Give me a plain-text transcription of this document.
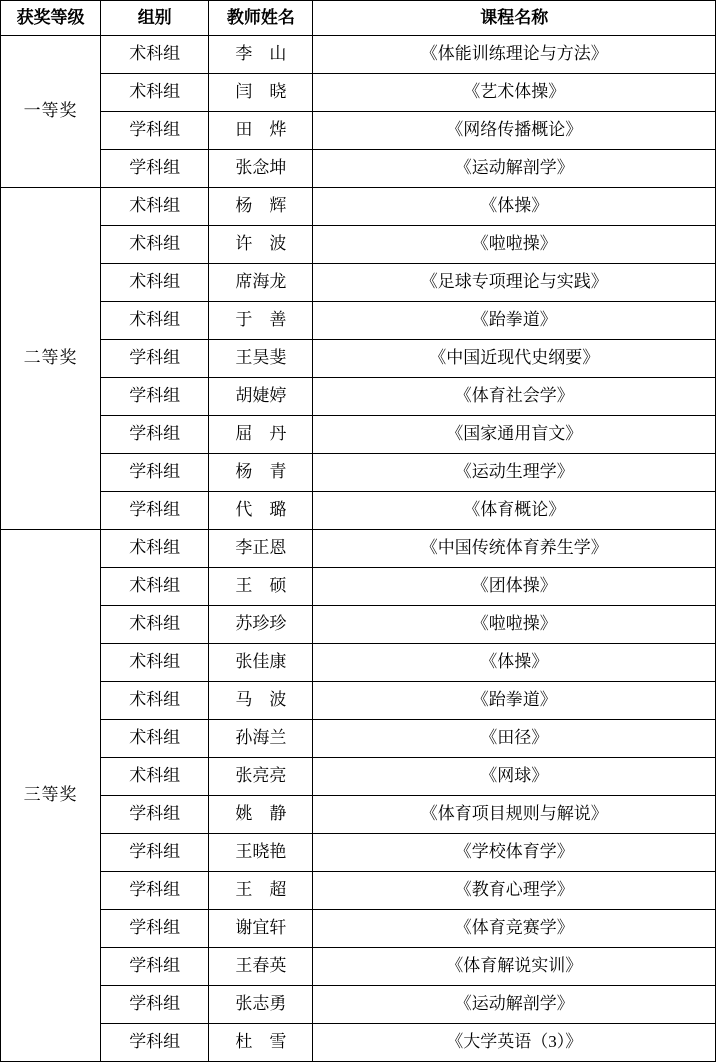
获奖等级	组别	教师姓名	课程名称
一等奖	术科组	李　山	《体能训练理论与方法》
	术科组	闫　晓	《艺术体操》
	学科组	田　烨	《网络传播概论》
	学科组	张念坤	《运动解剖学》
二等奖	术科组	杨　辉	《体操》
	术科组	许　波	《啦啦操》
	术科组	席海龙	《足球专项理论与实践》
	术科组	于　善	《跆拳道》
	学科组	王昊斐	《中国近现代史纲要》
	学科组	胡婕婷	《体育社会学》
	学科组	屈　丹	《国家通用盲文》
	学科组	杨　青	《运动生理学》
	学科组	代　璐	《体育概论》
三等奖	术科组	李正恩	《中国传统体育养生学》
	术科组	王　硕	《团体操》
	术科组	苏珍珍	《啦啦操》
	术科组	张佳康	《体操》
	术科组	马　波	《跆拳道》
	术科组	孙海兰	《田径》
	术科组	张亮亮	《网球》
	学科组	姚　静	《体育项目规则与解说》
	学科组	王晓艳	《学校体育学》
	学科组	王　超	《教育心理学》
	学科组	谢宜轩	《体育竞赛学》
	学科组	王春英	《体育解说实训》
	学科组	张志勇	《运动解剖学》
	学科组	杜　雪	《大学英语（3）》
